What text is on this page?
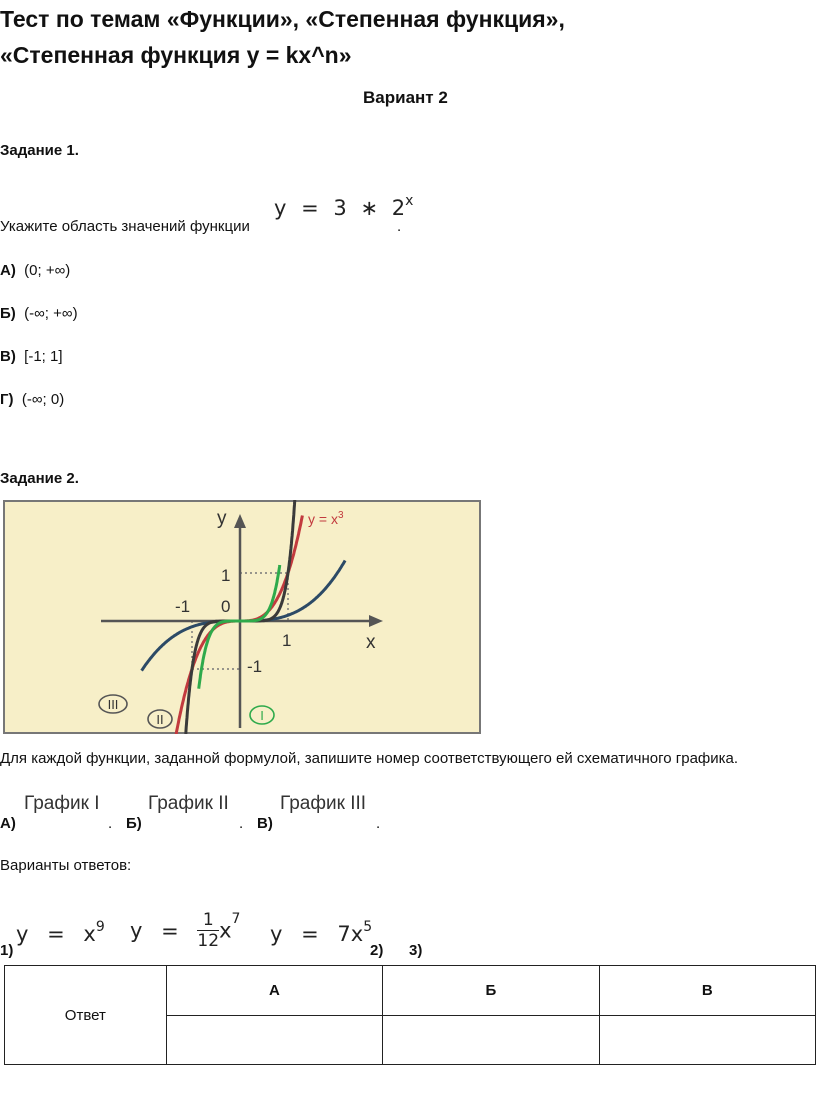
Тест по темам «Функции», «Степенная функция»,
«Степенная функция y = kx^n»
Вариант 2
Задание 1.
Укажите область значений функции
y = 3 ∗ 2$^x$
.
А) (0; +∞)
Б) (-∞; +∞)
В) [-1; 1]
Г) (-∞; 0)
Задание 2.
y
x
$y = x^3$
1
-1 0
1
-1
III
II	I
Для каждой функции, заданной формулой, запишите номер соответствующего ей схематичного графика.
А)
График I
. Б)
График II
. В)
График III
.
Варианты ответов:
1)
$y = x^9$ $y = \frac{1}{12} x^7$
$y = 7x^5$
2) 3)
Ответ	А	Б	В
